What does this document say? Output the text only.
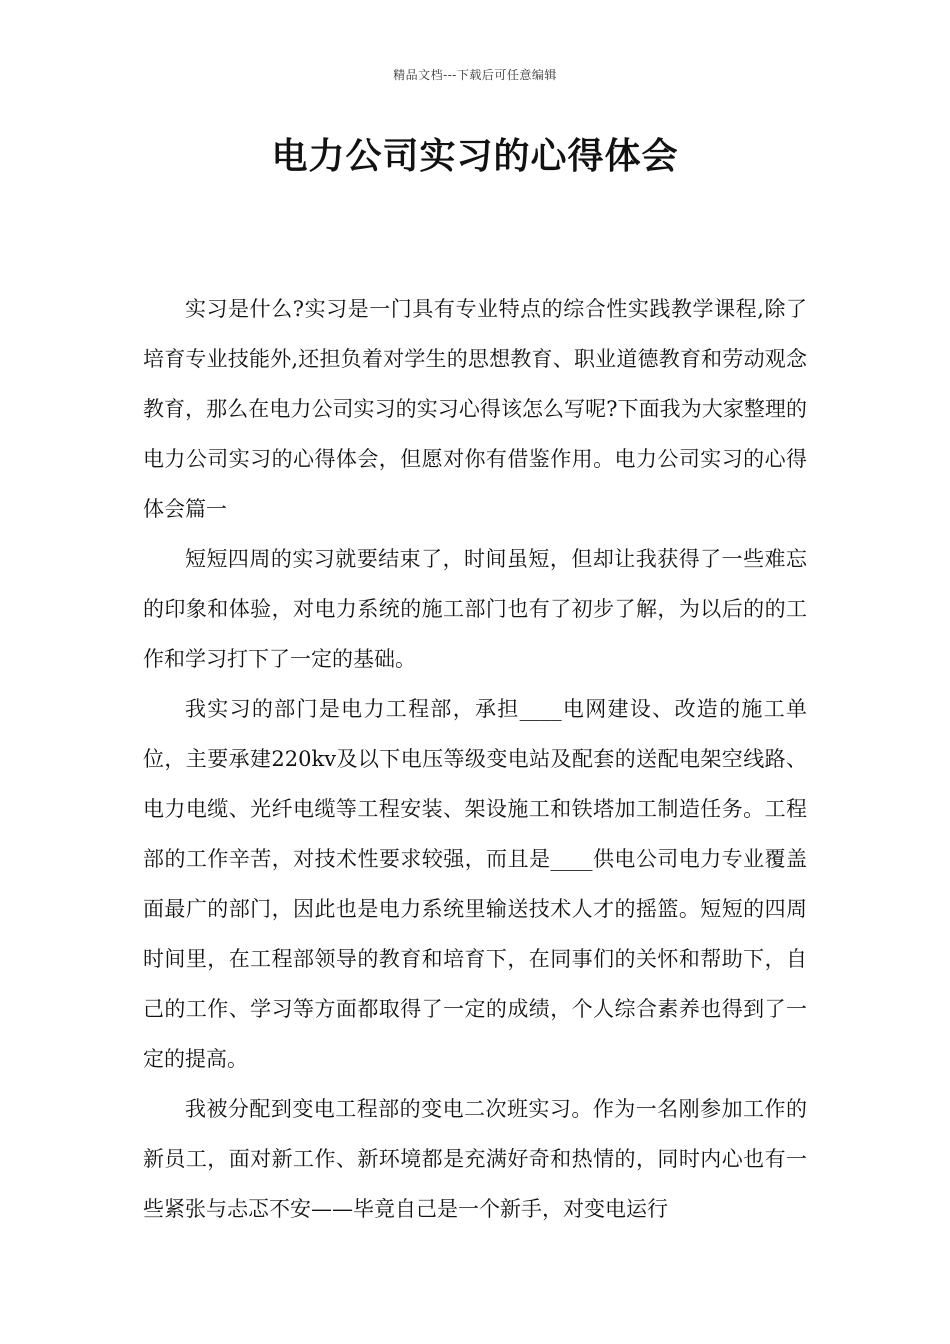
精品文档---下载后可任意编辑
电力公司实习的心得体会

实习是什么?实习是一门具有专业特点的综合性实践教学课程,除了培育专业技能外,还担负着对学生的思想教育、职业道德教育和劳动观念教育，那么在电力公司实习的实习心得该怎么写呢?下面我为大家整理的电力公司实习的心得体会，但愿对你有借鉴作用。电力公司实习的心得体会篇一

短短四周的实习就要结束了，时间虽短，但却让我获得了一些难忘的印象和体验，对电力系统的施工部门也有了初步了解，为以后的的工作和学习打下了一定的基础。

我实习的部门是电力工程部，承担____电网建设、改造的施工单位，主要承建220kv及以下电压等级变电站及配套的送配电架空线路、电力电缆、光纤电缆等工程安装、架设施工和铁塔加工制造任务。工程部的工作辛苦，对技术性要求较强，而且是____供电公司电力专业覆盖面最广的部门，因此也是电力系统里输送技术人才的摇篮。短短的四周时间里，在工程部领导的教育和培育下，在同事们的关怀和帮助下，自己的工作、学习等方面都取得了一定的成绩，个人综合素养也得到了一定的提高。

我被分配到变电工程部的变电二次班实习。作为一名刚参加工作的新员工，面对新工作、新环境都是充满好奇和热情的，同时内心也有一些紧张与忐忑不安——毕竟自己是一个新手，对变电运行
